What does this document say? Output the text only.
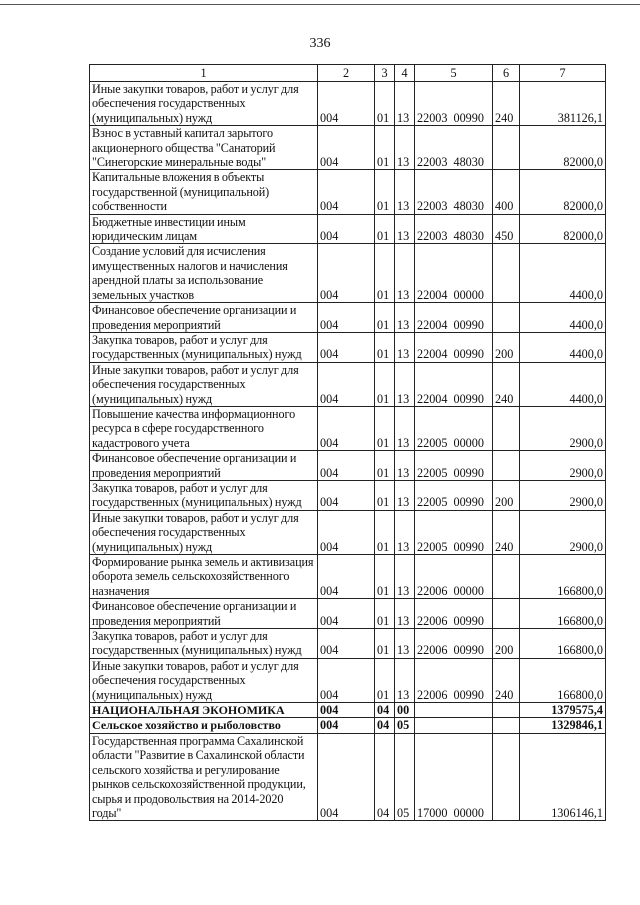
336
1	2	3	4	5	6	7
Иные закупки товаров, работ и услуг для обеспечения государственных (муниципальных) нужд	004	01	13	22003 00990	240	381126,1
Взнос в уставный капитал зарытого акционерного общества "Санаторий "Синегорские минеральные воды"	004	01	13	22003 48030		82000,0
Капитальные вложения в объекты государственной (муниципальной) собственности	004	01	13	22003 48030	400	82000,0
Бюджетные инвестиции иным юридическим лицам	004	01	13	22003 48030	450	82000,0
Создание условий для исчисления имущественных налогов и начисления арендной платы за использование земельных участков	004	01	13	22004 00000		4400,0
Финансовое обеспечение организации и проведения мероприятий	004	01	13	22004 00990		4400,0
Закупка товаров, работ и услуг для государственных (муниципальных) нужд	004	01	13	22004 00990	200	4400,0
Иные закупки товаров, работ и услуг для обеспечения государственных (муниципальных) нужд	004	01	13	22004 00990	240	4400,0
Повышение качества информационного ресурса в сфере государственного кадастрового учета	004	01	13	22005 00000		2900,0
Финансовое обеспечение организации и проведения мероприятий	004	01	13	22005 00990		2900,0
Закупка товаров, работ и услуг для государственных (муниципальных) нужд	004	01	13	22005 00990	200	2900,0
Иные закупки товаров, работ и услуг для обеспечения государственных (муниципальных) нужд	004	01	13	22005 00990	240	2900,0
Формирование рынка земель и активизация оборота земель сельскохозяйственного назначения	004	01	13	22006 00000		166800,0
Финансовое обеспечение организации и проведения мероприятий	004	01	13	22006 00990		166800,0
Закупка товаров, работ и услуг для государственных (муниципальных) нужд	004	01	13	22006 00990	200	166800,0
Иные закупки товаров, работ и услуг для обеспечения государственных (муниципальных) нужд	004	01	13	22006 00990	240	166800,0
НАЦИОНАЛЬНАЯ ЭКОНОМИКА	004	04	00			1379575,4
Сельское хозяйство и рыболовство	004	04	05			1329846,1
Государственная программа Сахалинской области "Развитие в Сахалинской области сельского хозяйства и регулирование рынков сельскохозяйственной продукции, сырья и продовольствия на 2014-2020 годы"	004	04	05	17000 00000		1306146,1
